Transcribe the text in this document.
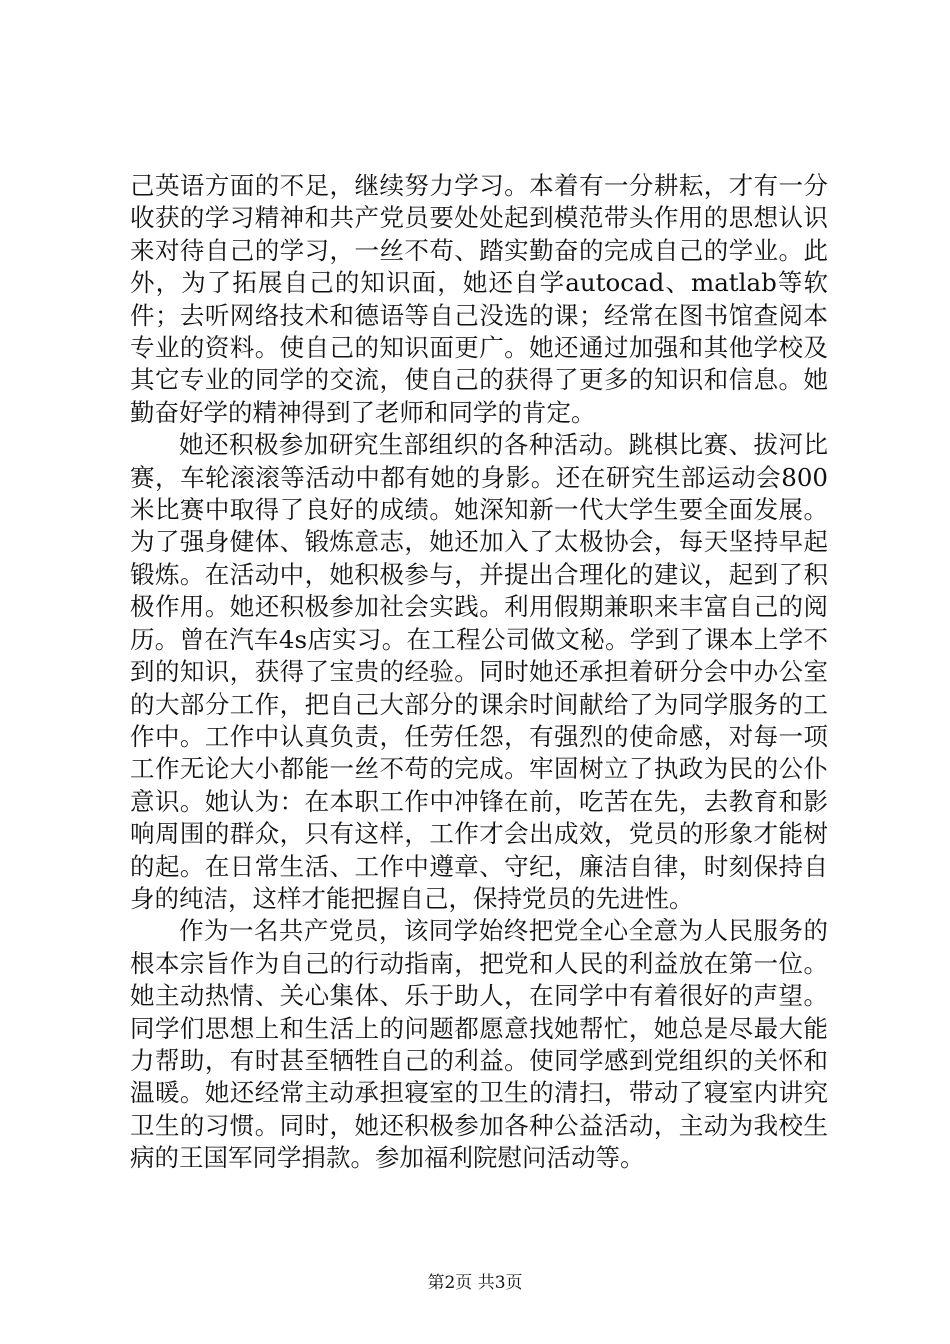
己英语方面的不足，继续努力学习。本着有一分耕耘，才有一分收获的学习精神和共产党员要处处起到模范带头作用的思想认识来对待自己的学习，一丝不苟、踏实勤奋的完成自己的学业。此外，为了拓展自己的知识面，她还自学autocad、matlab等软件；去听网络技术和德语等自己没选的课；经常在图书馆查阅本专业的资料。使自己的知识面更广。她还通过加强和其他学校及其它专业的同学的交流，使自己的获得了更多的知识和信息。她勤奋好学的精神得到了老师和同学的肯定。

她还积极参加研究生部组织的各种活动。跳棋比赛、拔河比赛，车轮滚滚等活动中都有她的身影。还在研究生部运动会800米比赛中取得了良好的成绩。她深知新一代大学生要全面发展。为了强身健体、锻炼意志，她还加入了太极协会，每天坚持早起锻炼。在活动中，她积极参与，并提出合理化的建议，起到了积极作用。她还积极参加社会实践。利用假期兼职来丰富自己的阅历。曾在汽车4s店实习。在工程公司做文秘。学到了课本上学不到的知识，获得了宝贵的经验。同时她还承担着研分会中办公室的大部分工作，把自己大部分的课余时间献给了为同学服务的工作中。工作中认真负责，任劳任怨，有强烈的使命感，对每一项工作无论大小都能一丝不苟的完成。牢固树立了执政为民的公仆意识。她认为：在本职工作中冲锋在前，吃苦在先，去教育和影响周围的群众，只有这样，工作才会出成效，党员的形象才能树的起。在日常生活、工作中遵章、守纪，廉洁自律，时刻保持自身的纯洁，这样才能把握自己，保持党员的先进性。

作为一名共产党员，该同学始终把党全心全意为人民服务的根本宗旨作为自己的行动指南，把党和人民的利益放在第一位。她主动热情、关心集体、乐于助人，在同学中有着很好的声望。同学们思想上和生活上的问题都愿意找她帮忙，她总是尽最大能力帮助，有时甚至牺牲自己的利益。使同学感到党组织的关怀和温暖。她还经常主动承担寝室的卫生的清扫，带动了寝室内讲究卫生的习惯。同时，她还积极参加各种公益活动，主动为我校生病的王国军同学捐款。参加福利院慰问活动等。

第2页 共3页
